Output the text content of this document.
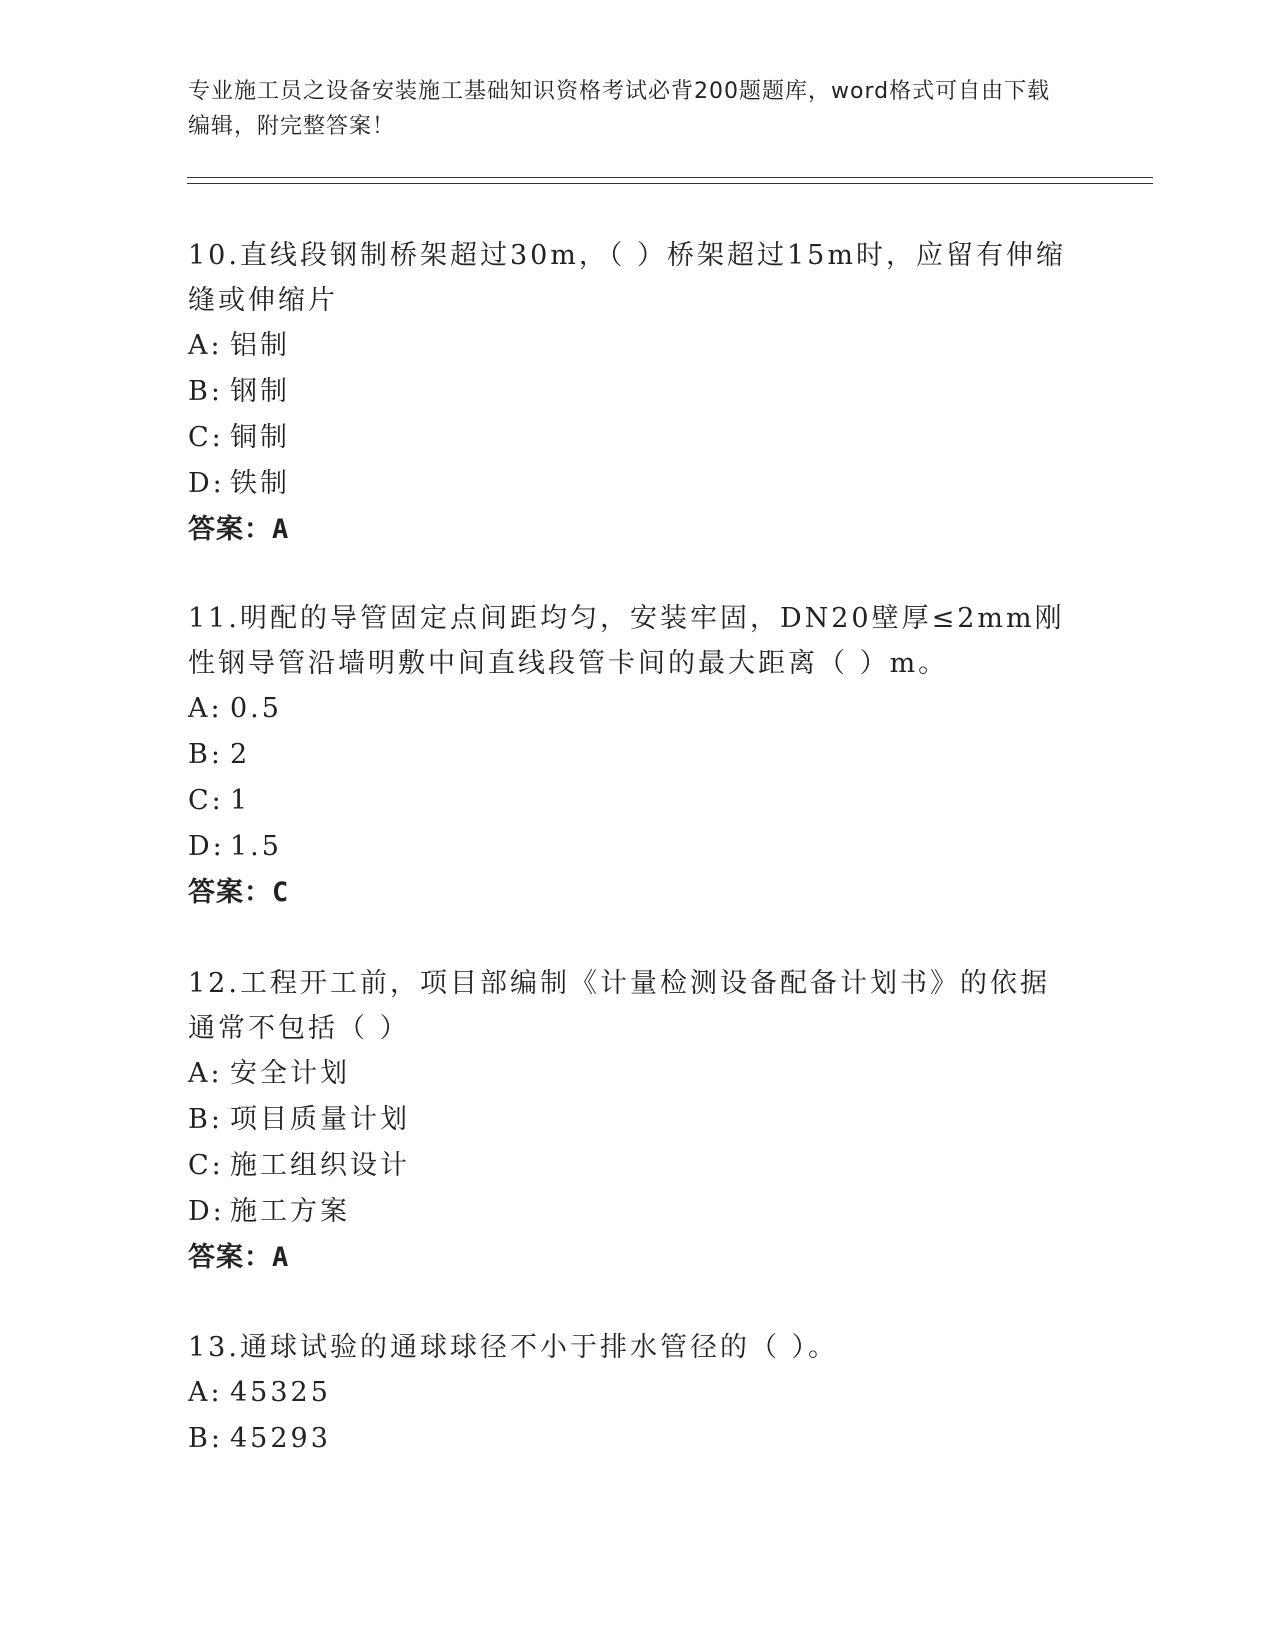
专业施工员之设备安装施工基础知识资格考试必背200题题库，word格式可自由下载编辑，附完整答案！

10.直线段钢制桥架超过30m，（ ）桥架超过15m时，应留有伸缩缝或伸缩片

A: 铝制

B: 钢制

C: 铜制

D: 铁制

答案：A

11.明配的导管固定点间距均匀，安装牢固，DN20壁厚≤2mm刚性钢导管沿墙明敷中间直线段管卡间的最大距离（ ）m。

A: 0.5

B: 2

C: 1

D: 1.5

答案：C

12.工程开工前，项目部编制《计量检测设备配备计划书》的依据通常不包括（ ）

A: 安全计划

B: 项目质量计划

C: 施工组织设计

D: 施工方案

答案：A

13.通球试验的通球球径不小于排水管径的（ ）。

A: 45325

B: 45293
